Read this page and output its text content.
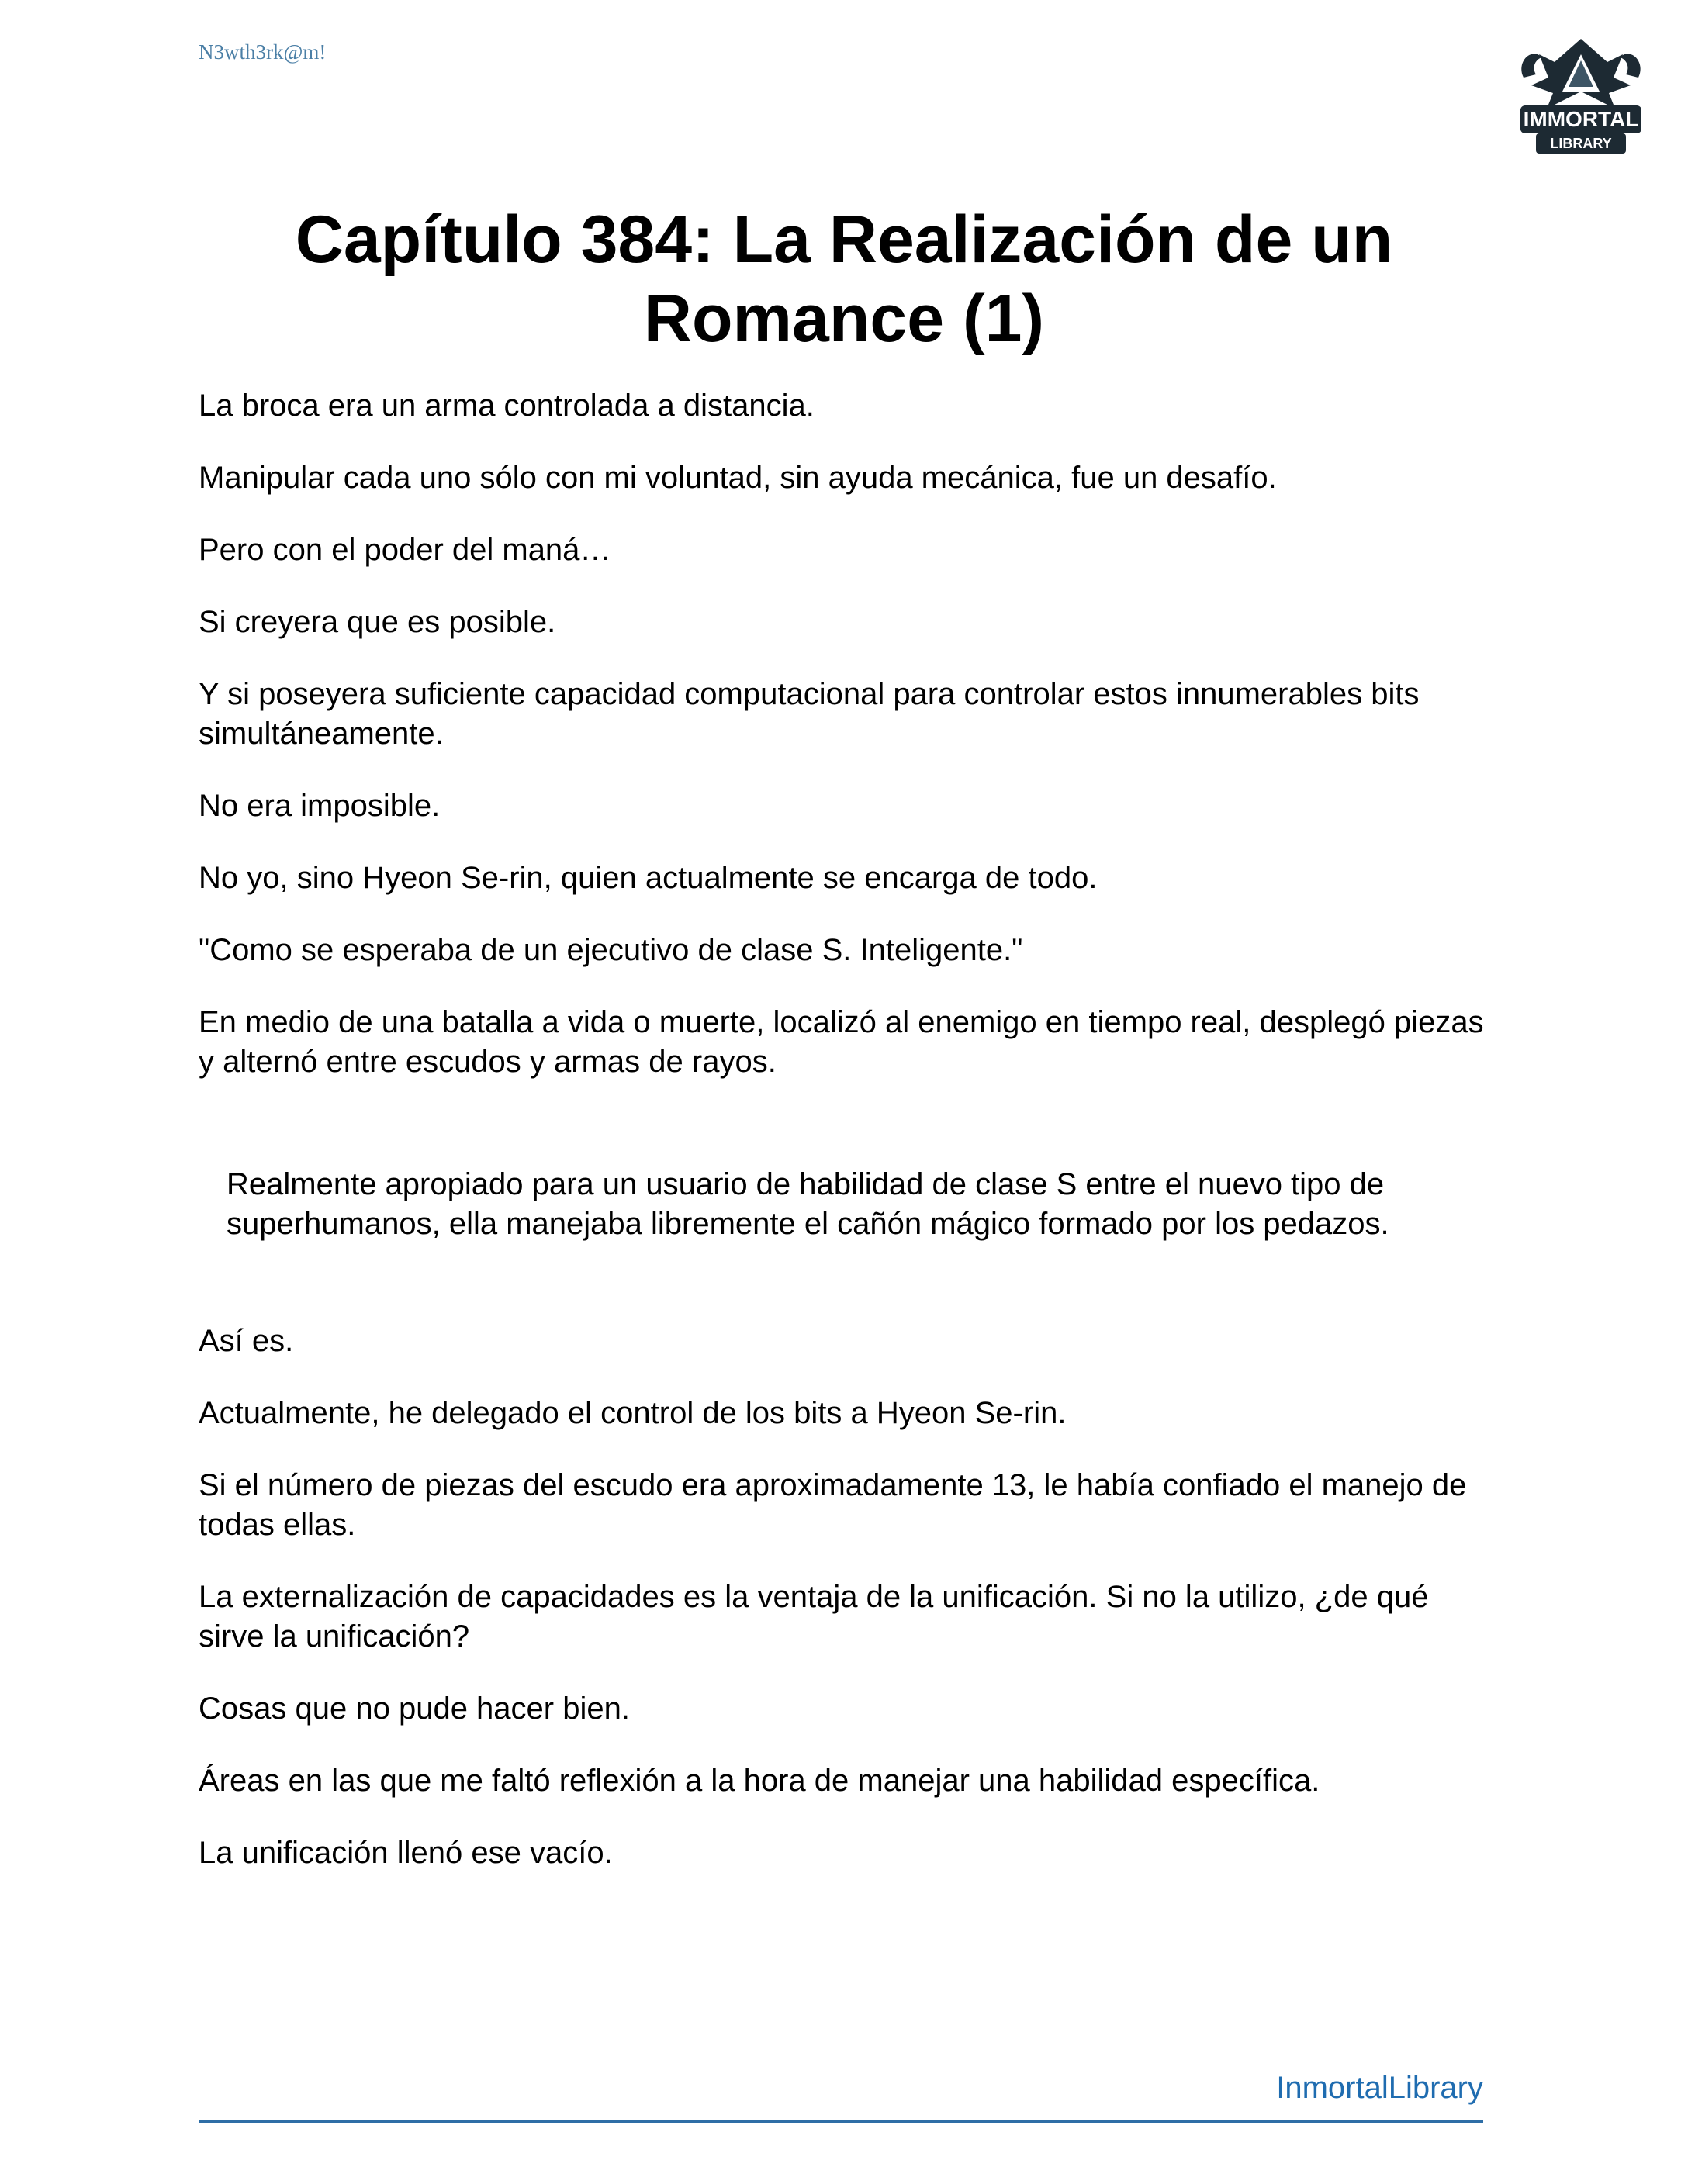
N3wth3rk@m!
IMMORTAL
LIBRARY
Capítulo 384: La Realización de un Romance (1)

La broca era un arma controlada a distancia.

Manipular cada uno sólo con mi voluntad, sin ayuda mecánica, fue un desafío.

Pero con el poder del maná…

Si creyera que es posible.

Y si poseyera suficiente capacidad computacional para controlar estos innumerables bits simultáneamente.

No era imposible.

No yo, sino Hyeon Se-rin, quien actualmente se encarga de todo.

"Como se esperaba de un ejecutivo de clase S. Inteligente."

En medio de una batalla a vida o muerte, localizó al enemigo en tiempo real, desplegó piezas y alternó entre escudos y armas de rayos.

Realmente apropiado para un usuario de habilidad de clase S entre el nuevo tipo de superhumanos, ella manejaba libremente el cañón mágico formado por los pedazos.

Así es.

Actualmente, he delegado el control de los bits a Hyeon Se-rin.

Si el número de piezas del escudo era aproximadamente 13, le había confiado el manejo de todas ellas.

La externalización de capacidades es la ventaja de la unificación. Si no la utilizo, ¿de qué sirve la unificación?

Cosas que no pude hacer bien.

Áreas en las que me faltó reflexión a la hora de manejar una habilidad específica.

La unificación llenó ese vacío.

InmortalLibrary
